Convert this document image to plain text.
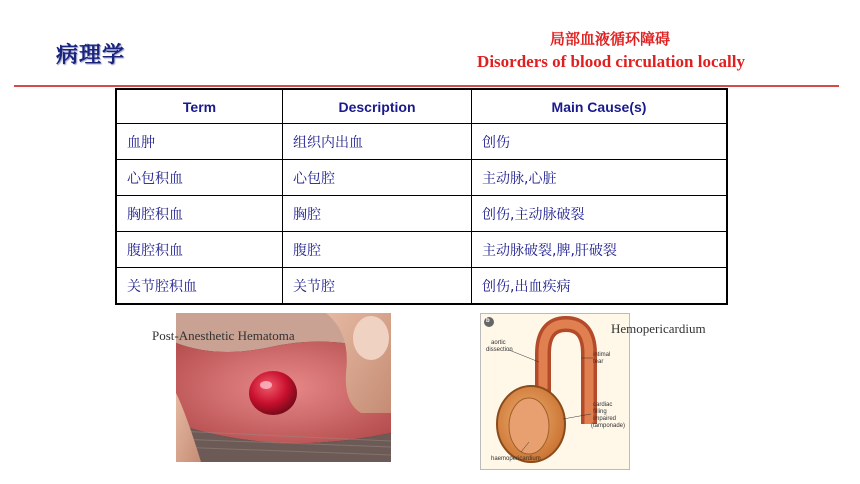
病理学
局部血液循环障碍
Disorders of blood circulation locally
Term	Description	Main Cause(s)
血肿	组织内出血	创伤
心包积血	心包腔	主动脉,心脏
胸腔积血	胸腔	创伤,主动脉破裂
腹腔积血	腹腔	主动脉破裂,脾,肝破裂
关节腔积血	关节腔	创伤,出血疾病
Post-Anesthetic Hematoma
b
aortic
dissection
intimal
tear
cardiac
filling
impaired
(tamponade)
haemopericardium
Hemopericardium
